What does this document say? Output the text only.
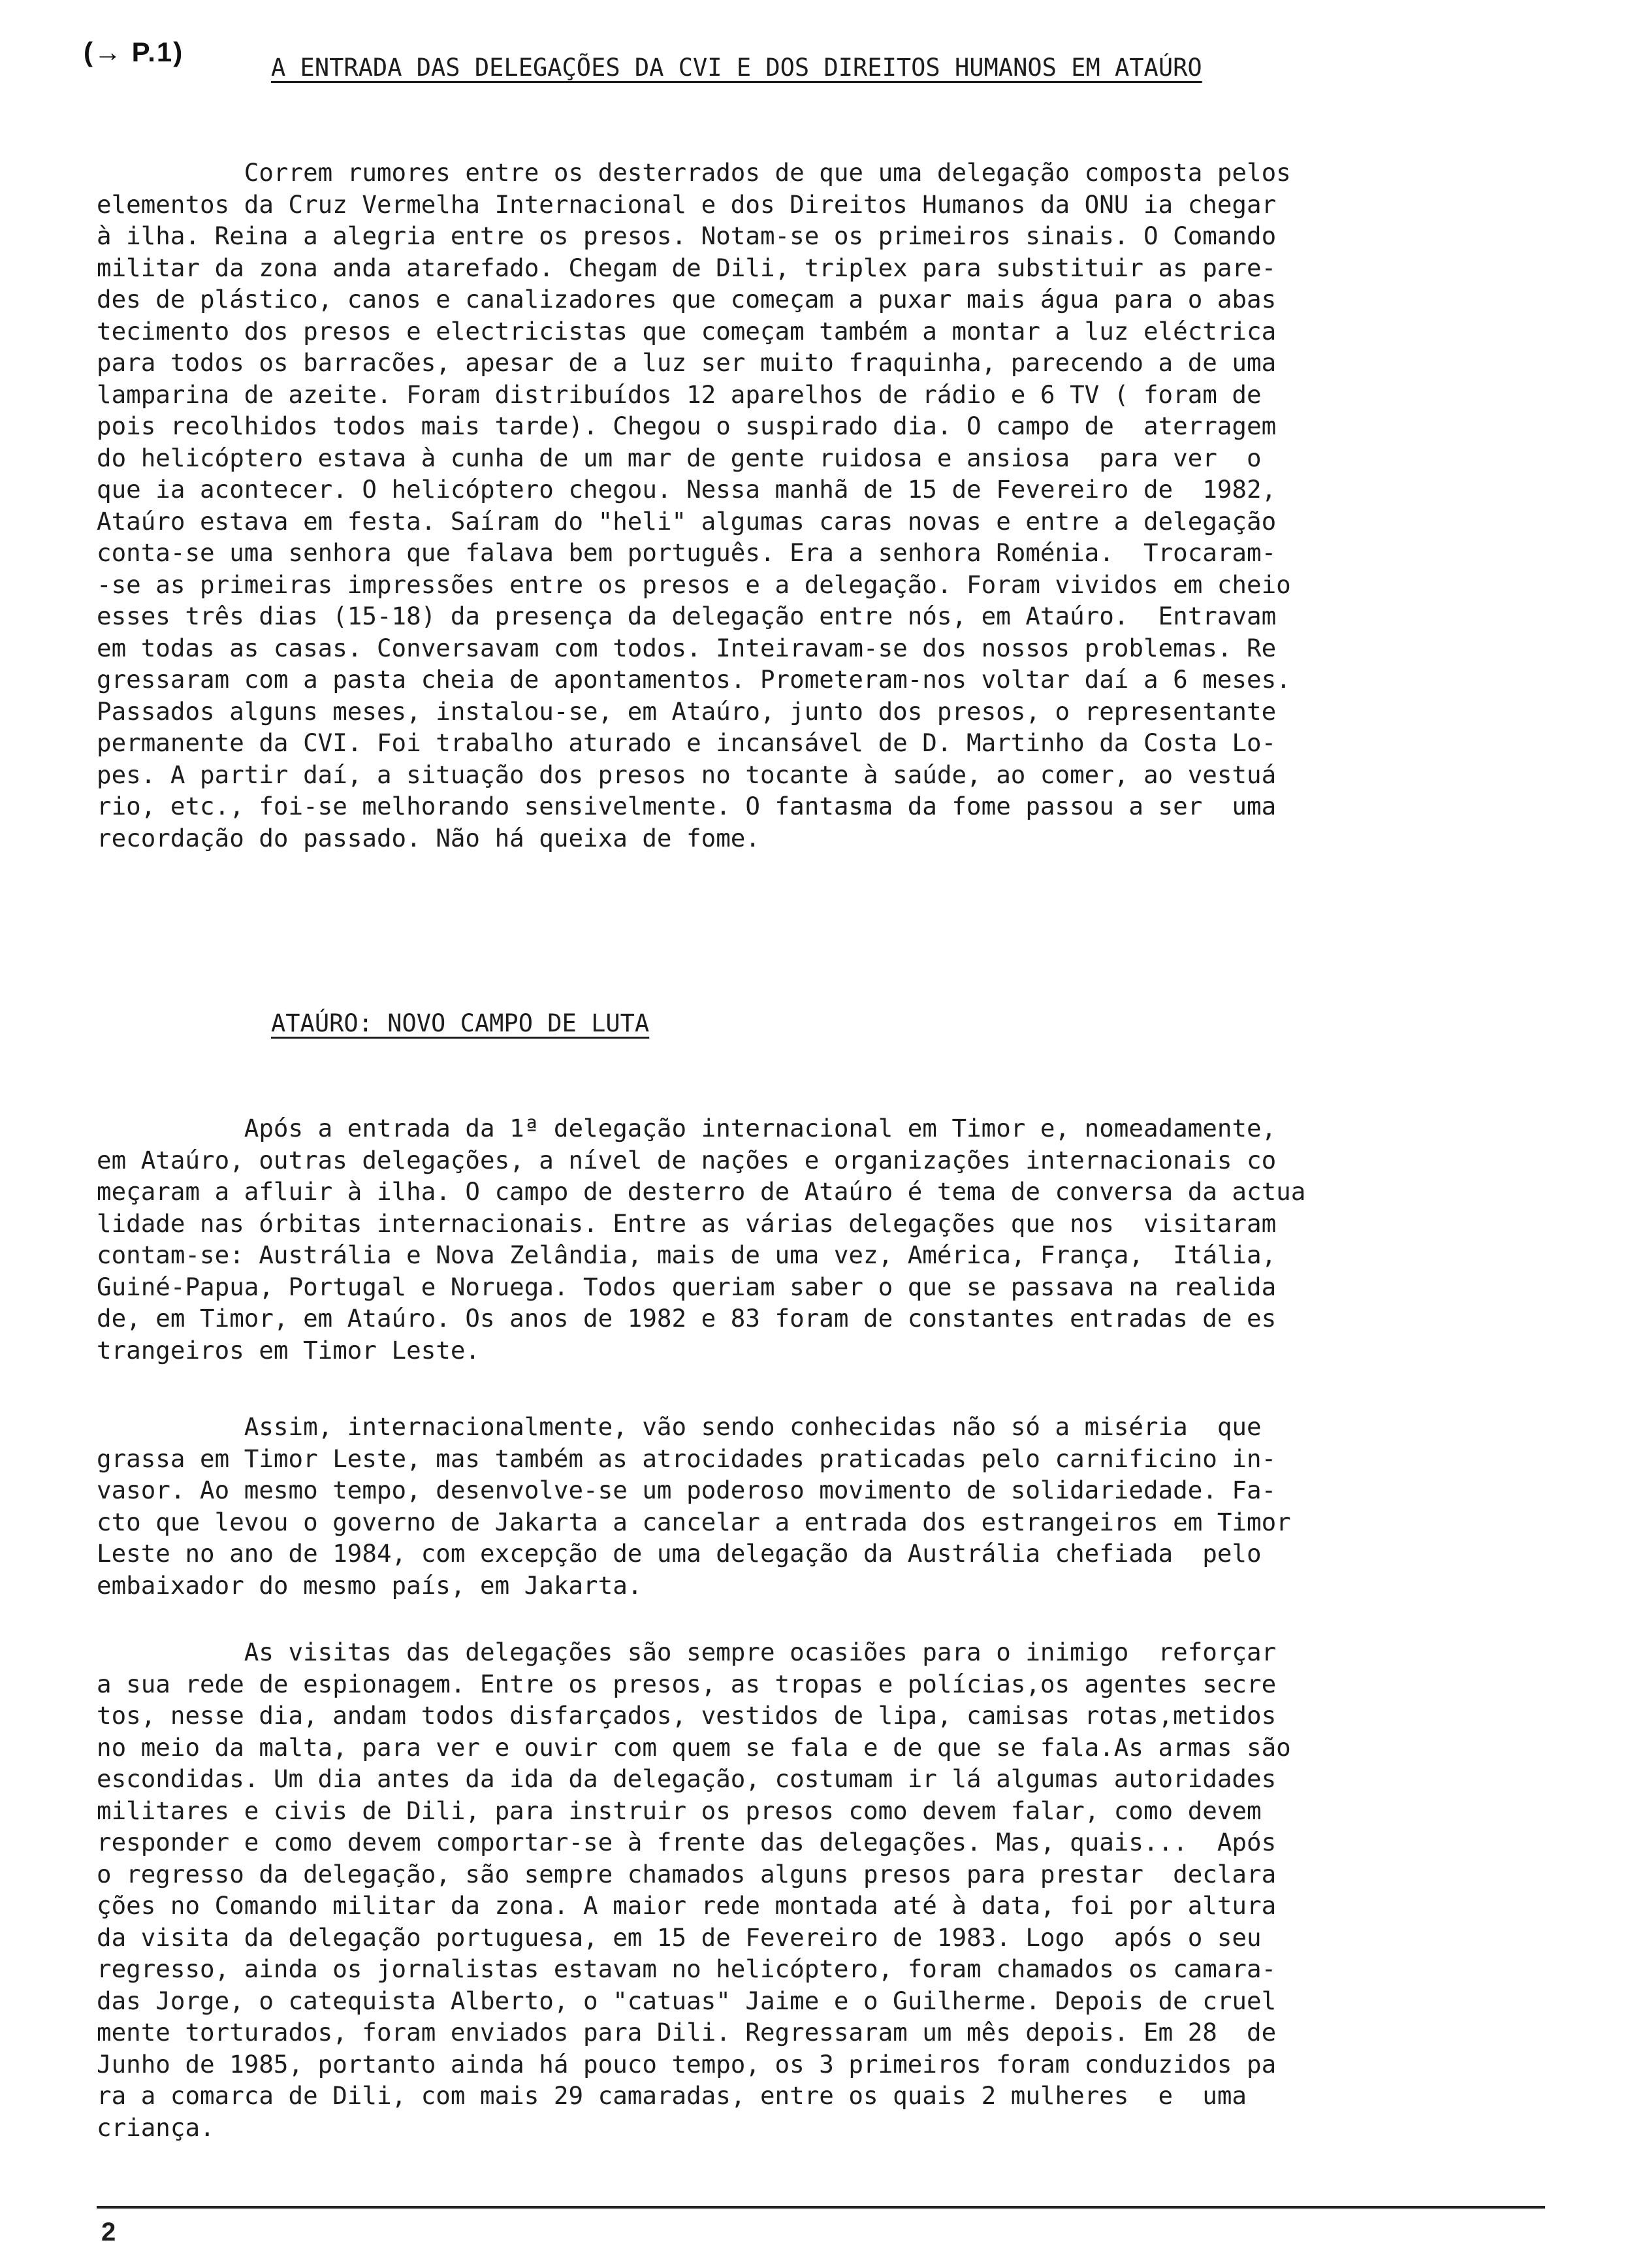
(→ P.1)
A ENTRADA DAS DELEGAÇÕES DA CVI E DOS DIREITOS HUMANOS EM ATAÚRO

Correm rumores entre os desterrados de que uma delegação composta pelos
elementos da Cruz Vermelha Internacional e dos Direitos Humanos da ONU ia chegar
à ilha. Reina a alegria entre os presos. Notam-se os primeiros sinais. O Comando
militar da zona anda atarefado. Chegam de Dili, triplex para substituir as pare-
des de plástico, canos e canalizadores que começam a puxar mais água para o abas
tecimento dos presos e electricistas que começam também a montar a luz eléctrica
para todos os barracões, apesar de a luz ser muito fraquinha, parecendo a de uma
lamparina de azeite. Foram distribuídos 12 aparelhos de rádio e 6 TV ( foram de
pois recolhidos todos mais tarde). Chegou o suspirado dia. O campo de  aterragem
do helicóptero estava à cunha de um mar de gente ruidosa e ansiosa  para ver  o
que ia acontecer. O helicóptero chegou. Nessa manhã de 15 de Fevereiro de  1982,
Ataúro estava em festa. Saíram do "heli" algumas caras novas e entre a delegação
conta-se uma senhora que falava bem português. Era a senhora Roménia.  Trocaram-
-se as primeiras impressões entre os presos e a delegação. Foram vividos em cheio
esses três dias (15-18) da presença da delegação entre nós, em Ataúro.  Entravam
em todas as casas. Conversavam com todos. Inteiravam-se dos nossos problemas. Re
gressaram com a pasta cheia de apontamentos. Prometeram-nos voltar daí a 6 meses.
Passados alguns meses, instalou-se, em Ataúro, junto dos presos, o representante
permanente da CVI. Foi trabalho aturado e incansável de D. Martinho da Costa Lo-
pes. A partir daí, a situação dos presos no tocante à saúde, ao comer, ao vestuá
rio, etc., foi-se melhorando sensivelmente. O fantasma da fome passou a ser  uma
recordação do passado. Não há queixa de fome.

ATAÚRO: NOVO CAMPO DE LUTA

Após a entrada da 1ª delegação internacional em Timor e, nomeadamente,
em Ataúro, outras delegações, a nível de nações e organizações internacionais co
meçaram a afluir à ilha. O campo de desterro de Ataúro é tema de conversa da actua
lidade nas órbitas internacionais. Entre as várias delegações que nos  visitaram
contam-se: Austrália e Nova Zelândia, mais de uma vez, América, França,  Itália,
Guiné-Papua, Portugal e Noruega. Todos queriam saber o que se passava na realida
de, em Timor, em Ataúro. Os anos de 1982 e 83 foram de constantes entradas de es
trangeiros em Timor Leste.

Assim, internacionalmente, vão sendo conhecidas não só a miséria  que
grassa em Timor Leste, mas também as atrocidades praticadas pelo carnificino in-
vasor. Ao mesmo tempo, desenvolve-se um poderoso movimento de solidariedade. Fa-
cto que levou o governo de Jakarta a cancelar a entrada dos estrangeiros em Timor
Leste no ano de 1984, com excepção de uma delegação da Austrália chefiada  pelo
embaixador do mesmo país, em Jakarta.

As visitas das delegações são sempre ocasiões para o inimigo  reforçar
a sua rede de espionagem. Entre os presos, as tropas e polícias,os agentes secre
tos, nesse dia, andam todos disfarçados, vestidos de lipa, camisas rotas,metidos
no meio da malta, para ver e ouvir com quem se fala e de que se fala.As armas são
escondidas. Um dia antes da ida da delegação, costumam ir lá algumas autoridades
militares e civis de Dili, para instruir os presos como devem falar, como devem
responder e como devem comportar-se à frente das delegações. Mas, quais...  Após
o regresso da delegação, são sempre chamados alguns presos para prestar  declara
ções no Comando militar da zona. A maior rede montada até à data, foi por altura
da visita da delegação portuguesa, em 15 de Fevereiro de 1983. Logo  após o seu
regresso, ainda os jornalistas estavam no helicóptero, foram chamados os camara-
das Jorge, o catequista Alberto, o "catuas" Jaime e o Guilherme. Depois de cruel
mente torturados, foram enviados para Dili. Regressaram um mês depois. Em 28  de
Junho de 1985, portanto ainda há pouco tempo, os 3 primeiros foram conduzidos pa
ra a comarca de Dili, com mais 29 camaradas, entre os quais 2 mulheres  e  uma
criança.

2
